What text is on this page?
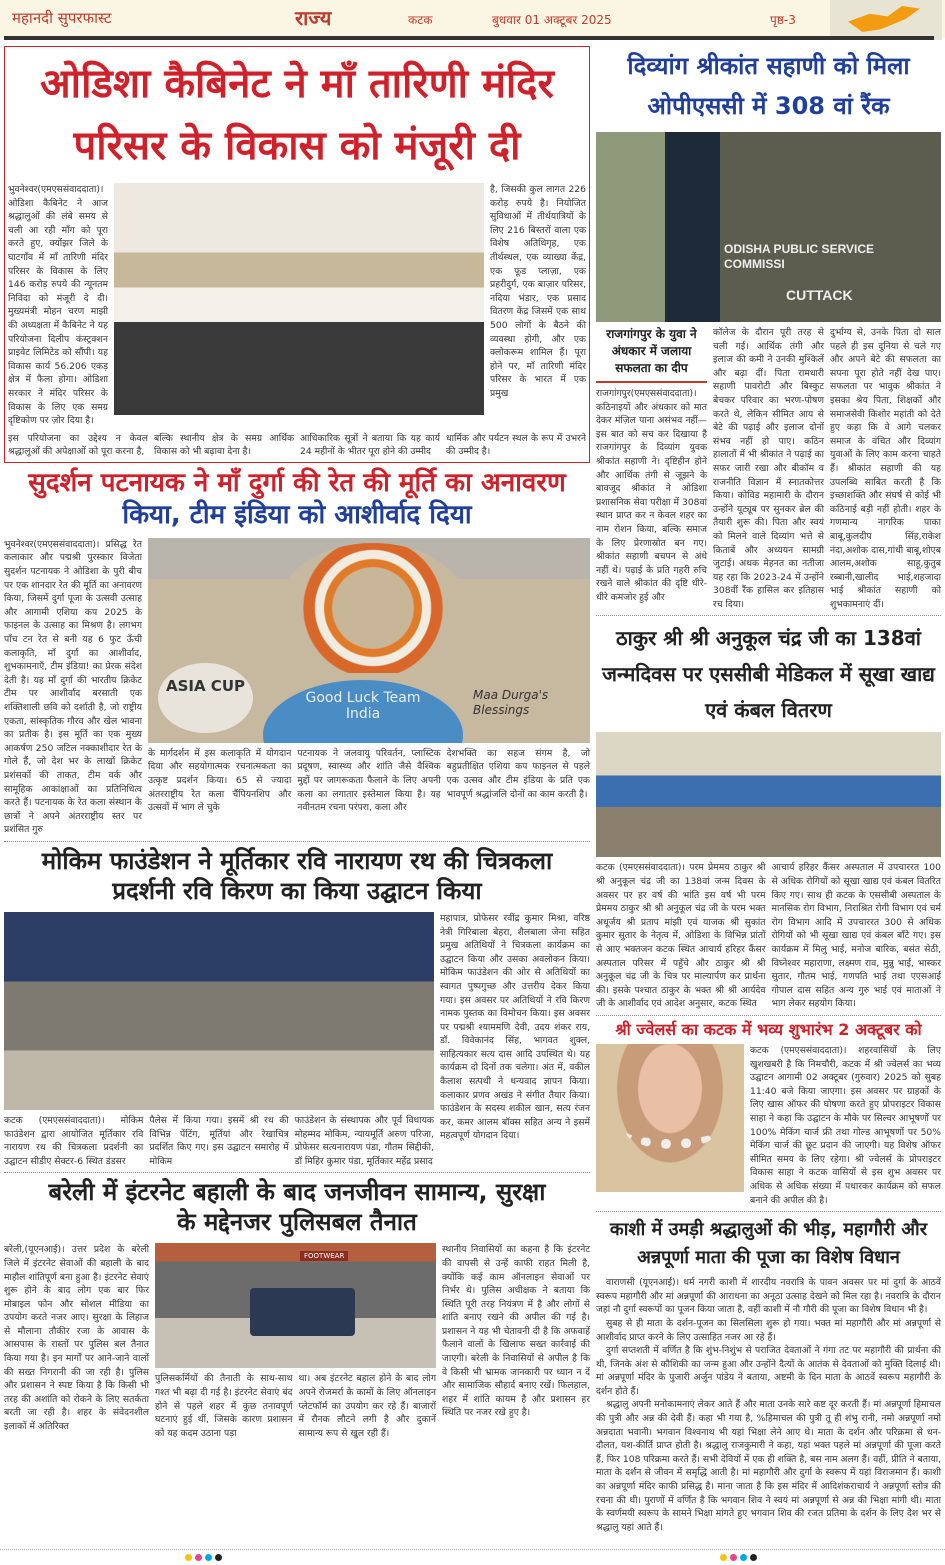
महानदी सुपरफास्ट	राज्य	कटक	बुधवार 01 अक्टूबर 2025	पृष्ठ-3
ओडिशा कैबिनेट ने माँ तारिणी मंदिर परिसर के विकास को मंजूरी दी
भुवनेश्वर(एमएससंवाददाता)। ओडिशा कैबिनेट ने आज श्रद्धालुओं की लंबे समय से चली आ रही माँग को पूरा करते हुए, क्योंझर जिले के घाटगाँव में माँ तारिणी मंदिर परिसर के विकास के लिए 146 करोड़ रुपये की न्यूनतम निविदा को मंजूरी दे दी। मुख्यमंत्री मोहन चरण माझी की अध्यक्षता में कैबिनेट ने यह परियोजना दिलीप कंस्ट्रक्शन प्राइवेट लिमिटेड को सौंपी। यह विकास कार्य 56.206 एकड़ क्षेत्र में फैला होगा। ओडिशा सरकार ने मंदिर परिसर के विकास के लिए एक समग्र दृष्टिकोण पर ज़ोर दिया है।
है, जिसकी कुल लागत 226 करोड़ रुपये है। नियोजित सुविधाओं में तीर्थयात्रियों के लिए 216 बिस्तरों वाला एक विशेष अतिथिगृह, एक तीर्थस्थल, एक व्याख्या केंद्र, एक फूड प्लाज़ा, एक प्रहरीदुर्ग, एक बाज़ार परिसर, नदिया भंडार, एक प्रसाद वितरण केंद्र जिसमें एक साथ 500 लोगों के बैठने की व्यवस्था होगी, और एक क्लोकरूम शामिल हैं। पूरा होने पर, माँ तारिणी मंदिर परिसर के भारत में एक प्रमुख
इस परियोजना का उद्देश्य न केवल श्रद्धालुओं की अपेक्षाओं को पूरा करना है,
बल्कि स्थानीय क्षेत्र के समग्र आर्थिक विकास को भी बढ़ावा देना है।
आधिकारिक सूत्रों ने बताया कि यह कार्य 24 महीनों के भीतर पूरा होने की उम्मीद
धार्मिक और पर्यटन स्थल के रूप में उभरने की उम्मीद है।
सुदर्शन पटनायक ने माँ दुर्गा की रेत की मूर्ति का अनावरण
किया, टीम इंडिया को आशीर्वाद दिया
भुवनेश्वर(एमएससंवाददाता)। प्रसिद्ध रेत कलाकार और पद्मश्री पुरस्कार विजेता सुदर्शन पटनायक ने ओडिशा के पुरी बीच पर एक शानदार रेत की मूर्ति का अनावरण किया, जिसमें दुर्गा पूजा के उत्सवी उत्साह और आगामी एशिया कप 2025 के फाइनल के उत्साह का मिश्रण है। लगभग पाँच टन रेत से बनी यह 6 फुट ऊँची कलाकृति, माँ दुर्गा का आशीर्वाद, शुभकामनाएँ, टीम इंडिया! का प्रेरक संदेश देती है। यह माँ दुर्गा की भारतीय क्रिकेट टीम पर आशीर्वाद बरसाती एक शक्तिशाली छवि को दर्शाती है, जो राष्ट्रीय एकता, सांस्कृतिक गौरव और खेल भावना का प्रतीक है। इस मूर्ति का एक मुख्य आकर्षण 250 जटिल नक्काशीदार रेत के गोले हैं, जो देश भर के लाखों क्रिकेट प्रशंसकों की ताकत, टीम वर्क और सामूहिक आकांक्षाओं का प्रतिनिधित्व करते हैं। पटनायक के रेत कला संस्थान के छात्रों ने अपने अंतरराष्ट्रीय स्तर पर प्रशंसित गुरु
ASIA CUP
Good Luck Team India
Maa Durga's Blessings
के मार्गदर्शन में इस कलाकृति में योगदान दिया और सहयोगात्मक रचनात्मकता का उत्कृष्ट प्रदर्शन किया। 65 से ज्यादा अंतरराष्ट्रीय रेत कला चैंपियनशिप और उत्सवों में भाग ले चुके
पटनायक ने जलवायु परिवर्तन, प्लास्टिक प्रदूषण, स्वास्थ्य और शांति जैसे वैश्विक मुद्दों पर जागरूकता फैलाने के लिए अपनी कला का लगातार इस्तेमाल किया है। यह नवीनतम रचना परंपरा, कला और
देशभक्ति का सहज संगम है, जो बहुप्रतीक्षित एशिया कप फाइनल से पहले एक उत्सव और टीम इंडिया के प्रति एक भावपूर्ण श्रद्धांजलि दोनों का काम करती है।
मोकिम फाउंडेशन ने मूर्तिकार रवि नारायण रथ की चित्रकला
प्रदर्शनी रवि किरण का किया उद्घाटन किया
कटक (एमएससंवाददाता)। मोकिम फाउंडेशन द्वारा आयोजित मूर्तिकार रवि नारायण रथ की चित्रकला प्रदर्शनी का उद्घाटन सीडीए सेक्टर-6 स्थित डंडसर
पैलेस में किया गया। इसमें श्री रथ की विभिन्न पेंटिंग, मूर्तियां और रेखाचित्र प्रदर्शित किए गए। इस उद्घाटन समारोह में मोकिम
फाउंडेशन के संस्थापक और पूर्व विधायक मोहम्मद मोकिम, न्यायमूर्ति अरुण परिजा, प्रोफेसर सत्यनारायण पंडा, गौतम सिद्दीकी, डॉ मिहिर कुमार पंडा, मूर्तिकार महेंद्र प्रसाद
महापात्र, प्रोफेसर रवींद्र कुमार मिश्रा, वरिष्ठ नेत्री गिरिबाला बेहरा, शैलबाला जेना सहित प्रमुख अतिथियों ने चित्रकला कार्यक्रम का उद्घाटन किया और उसका अवलोकन किया। मोकिम फाउंडेशन की ओर से अतिथियों का स्वागत पुष्पगुच्छ और उत्तरीय देकर किया गया। इस अवसर पर अतिथियों ने रवि किरण नामक पुस्तक का विमोचन किया। इस अवसर पर पद्मश्री श्याममणि देवी, उदय शंकर राय, डॉ. विवेकानंद सिंह, भागवत शुक्ल, साहित्यकार सत्य दास आदि उपस्थित थे। यह कार्यक्रम दो दिनों तक चलेगा। अंत में, वकील कैलाश सत्पथी ने धन्यवाद ज्ञापन किया। कलाकार प्रणव अखंड ने संगीत तैयार किया। फाउंडेशन के सदस्य शकील खान, सत्य रंजन कर, कमर आलम बॉक्स सहित अन्य ने इसमें महत्वपूर्ण योगदान दिया।
बरेली में इंटरनेट बहाली के बाद जनजीवन सामान्य, सुरक्षा
के मद्देनजर पुलिसबल तैनात
बरेली,(यूएनआई)। उत्तर प्रदेश के बरेली जिले में इंटरनेट सेवाओं की बहाली के बाद माहौल शांतिपूर्ण बना हुआ है। इंटरनेट सेवाएं शुरू होने के बाद लोग एक बार फिर मोबाइल फोन और सोशल मीडिया का उपयोग करते नजर आए। सुरक्षा के लिहाज से मौलाना तौकीर रजा के आवास के आसपास के रास्तों पर पुलिस बल तैनात किया गया है। इन मार्गों पर आने-जाने वालों की सख्त निगरानी की जा रही है। पुलिस और प्रशासन ने स्पष्ट किया है कि किसी भी तरह की अशांति को रोकने के लिए सतर्कता बरती जा रही है। शहर के संवेदनशील इलाकों में अतिरिक्त
FOOTWEAR
पुलिसकर्मियों की तैनाती के साथ-साथ गश्त भी बढ़ा दी गई है। इंटरनेट सेवाएं बंद होने से पहले शहर में कुछ तनावपूर्ण घटनाएं हुई थीं, जिसके कारण प्रशासन को यह कदम उठाना पड़ा
था। अब इंटरनेट बहाल होने के बाद लोग अपने रोजमर्रा के कामों के लिए ऑनलाइन प्लेटफॉर्म का उपयोग कर रहे हैं। बाजारों में रौनक लौटने लगी है और दुकानें सामान्य रूप से खुल रही हैं।
स्थानीय निवासियों का कहना है कि इंटरनेट की वापसी से उन्हें काफी राहत मिली है, क्योंकि कई काम ऑनलाइन सेवाओं पर निर्भर थे। पुलिस अधीक्षक ने बताया कि स्थिति पूरी तरह नियंत्रण में है और लोगों से शांति बनाए रखने की अपील की गई है। प्रशासन ने यह भी चेतावनी दी है कि अफवाहें फैलाने वालों के खिलाफ सख्त कार्रवाई की जाएगी। बरेली के निवासियों से अपील है कि वे किसी भी भ्रामक जानकारी पर ध्यान न दें और सामाजिक सौहार्द बनाए रखें। फिलहाल, शहर में शांति कायम है और प्रशासन हर स्थिति पर नजर रखे हुए है।
दिव्यांग श्रीकांत सहाणी को मिला ओपीएससी में 308 वां रैंक
ODISHA PUBLIC SERVICE COMMISSI
CUTTACK
राजगांगपुर के युवा ने अंधकार में जलाया सफलता का दीप
राजगांगपुर(एमएससंवाददाता)। कठिनाइयों और अंधकार को मात देकर मंज़िल पाना असंभव नहीं—इस बात को सच कर दिखाया है राजगांगपुर के दिव्यांग युवक श्रीकांत सहाणी ने। दृष्टिहीन होने और आर्थिक तंगी से जूझने के बावजूद श्रीकांत ने ओडिशा प्रशासनिक सेवा परीक्षा में 308वां स्थान प्राप्त कर न केवल शहर का नाम रोशन किया, बल्कि समाज के लिए प्रेरणास्रोत बन गए। श्रीकांत सहाणी बचपन से अंधे नहीं थे। पढ़ाई के प्रति गहरी रुचि रखने वाले श्रीकांत की दृष्टि धीरे-धीरे कमजोर हुई और
कॉलेज के दौरान पूरी तरह से चली गई। आर्थिक तंगी और इलाज की कमी ने उनकी मुश्किलें और बढ़ा दीं। पिता रामधारी सहाणी पावरोटी और बिस्कुट बेचकर परिवार का भरण-पोषण करते थे, लेकिन सीमित आय से बेटे की पढ़ाई और इलाज दोनों संभव नहीं हो पाए। कठिन हालातों में भी श्रीकांत ने पढ़ाई का सफर जारी रखा और बीकॉम व राजनीति विज्ञान में स्नातकोत्तर किया। कोविड महामारी के दौरान उन्होंने यूट्यूब पर सुनकर ब्रेल की तैयारी शुरू की। पिता और स्वयं को मिलने वाले दिव्यांग भत्ते से किताबें और अध्ययन सामग्री जुटाई। अथक मेहनत का नतीजा यह रहा कि 2023-24 में उन्होंने 308वीं रैंक हासिल कर इतिहास रच दिया।
दुर्भाग्य से, उनके पिता दो साल पहले ही इस दुनिया से चले गए और अपने बेटे की सफलता का सपना पूरा होते नहीं देख पाए। सफलता पर भावुक श्रीकांत ने इसका श्रेय पिता, शिक्षकों और समाजसेवी किशोर महांती को देते हुए कहा कि वे आगे चलकर समाज के वंचित और दिव्यांग युवाओं के लिए काम करना चाहते हैं। श्रीकांत सहाणी की यह उपलब्धि साबित करती है कि इच्छाशक्ति और संघर्ष से कोई भी कठिनाई बड़ी नहीं होती। शहर के गणमान्य नागरिक पाका बाबू,कुलदीप सिंह,राकेश नंदा,अशोक दास,गांधी बाबू,शोएब आलम,अशोक साहू,कुतुब रब्बानी,खालीद भाई,शहजादा भाई श्रीकांत सहाणी को शुभकामनाएं दीं।
ठाकुर श्री श्री अनुकूल चंद्र जी का 138वां जन्मदिवस पर एससीबी मेडिकल में सूखा खाद्य एवं कंबल वितरण
कटक (एमएससंवाददाता)। परम प्रेममय ठाकुर श्री श्री अनुकूल चंद्र जी का 138वां जन्म दिवस के अवसर पर हर वर्ष की भांति इस वर्ष भी परम प्रेममय ठाकुर श्री श्री अनुकूल चंद्र जी के परम भक्त अधूर्जय श्री प्रताप मांझी एवं याजक श्री सुकांत कुमार सुतार के नेतृत्व में, ओडिशा के विभिन्न प्रांतों से आए भक्तजन कटक स्थित आचार्य हरिहर कैंसर अस्पताल परिसर में पहुँचे और ठाकुर श्री श्री अनुकूल चंद्र जी के चित्र पर माल्यार्पण कर प्रार्थना की। इसके पश्चात ठाकुर के भक्त श्री श्री आर्यदेव जी के आशीर्वाद एवं आदेश अनुसार, कटक स्थित
आचार्य हरिहर कैंसर अस्पताल में उपचाररत 100 से अधिक रोगियों को सूखा खाद्य एवं कंबल वितरित किए गए। साथ ही कटक के एससीबी अस्पताल के मानसिक रोग विभाग, निराश्रित रोगी विभाग एवं चर्म रोग विभाग आदि में उपचाररत 300 से अधिक रोगियों को भी सूखा खाद्य एवं कंबल बाँटे गए। इस कार्यक्रम में मिलु भाई, मनोज बारिक, बसंत सेठी, विघ्नेश्वर महाराणा, लक्ष्मण राव, मुन्नु भाई, भास्कर सुतार, गौतम भाई, गणपति भाई तथा एएसआई गोपाल दास सहित अन्य गुरु भाई एवं माताओं ने भाग लेकर सहयोग किया।
श्री ज्वेलर्स का कटक में भव्य शुभारंभ 2 अक्टूबर को
कटक (एमएससंवाददाता)। शहरवासियों के लिए खुशखबरी है कि निमचौरी, कटक में श्री ज्वेलर्स का भव्य उद्घाटन आगामी 02 अक्टूबर (गुरुवार) 2025 को सुबह 11:40 बजे किया जाएगा। इस अवसर पर ग्राहकों के लिए खास ऑफर की घोषणा करते हुए प्रोपराइटर विकास साहा ने कहा कि उद्घाटन के मौके पर सिल्वर आभूषणों पर 100% मेकिंग चार्ज फ्री तथा गोल्ड आभूषणों पर 50% मेकिंग चार्ज की छूट प्रदान की जाएगी। यह विशेष ऑफर सीमित समय के लिए रहेगा। श्री ज्वेलर्स के प्रोपराइटर विकास साहा ने कटक वासियों से इस शुभ अवसर पर अधिक से अधिक संख्या में पधारकर कार्यक्रम को सफल बनाने की अपील की है।
काशी में उमड़ी श्रद्धालुओं की भीड़, महागौरी और अन्नपूर्णा माता की पूजा का विशेष विधान

वाराणसी (यूएनआई)। धर्म नगरी काशी में शारदीय नवरात्रि के पावन अवसर पर मां दुर्गा के आठवें स्वरूप महागौरी और मां अन्नपूर्णा की आराधना का अनूठा उत्साह देखने को मिल रहा है। नवरात्रि के दौरान जहां नौ दुर्गा स्वरूपों का पूजन किया जाता है, वहीं काशी में नौ गौरी की पूजा का विशेष विधान भी है।

सुबह से ही माता के दर्शन-पूजन का सिलसिला शुरू हो गया। भक्त मां महागौरी और मां अन्नपूर्णा से आशीर्वाद प्राप्त करने के लिए उत्साहित नजर आ रहे हैं।

दुर्गा सप्तशती में वर्णित है कि शुंभ-निशुंभ से पराजित देवताओं ने गंगा तट पर महागौरी की प्रार्थना की थी, जिनके अंश से कौशिकी का जन्म हुआ और उन्होंने दैत्यों के आतंक से देवताओं को मुक्ति दिलाई थी। मां अन्नपूर्णा मंदिर के पुजारी अर्जुन पांडेय ने बताया, अष्टमी के दिन माता के आठवें स्वरूप महागौरी के दर्शन होते हैं।

श्रद्धालु अपनी मनोकामनाएं लेकर आते हैं और माता उनके सारे कष्ट दूर करती हैं। मां अन्नपूर्णा हिमाचल की पुत्री और अन्न की देवी हैं। कहा भी गया है, %हिमाचल की पुत्री तू ही शंभु रानी, नमो अन्नपूर्णा नमो अन्नदाता भवानी। भगवान विश्वनाथ भी यहां भिक्षा लेने आए थे। माता के दर्शन और परिक्रमा से धन-दौलत, यश-कीर्ति प्राप्त होती है। श्रद्धालु राजकुमारी ने कहा, यहां भक्त पहले मां अन्नपूर्णा की पूजा करते हैं, फिर 108 परिक्रमा करते हैं। सभी देवियों में एक ही शक्ति है, बस नाम अलग हैं। वहीं, प्रीति ने बताया, माता के दर्शन से जीवन में समृद्धि आती है। मां महागौरी और दुर्गा के स्वरूप में यहां विराजमान हैं। काशी का अन्नपूर्णा मंदिर काफी प्रसिद्ध है। माना जाता है कि इस मंदिर में आदिशंकराचार्य ने अन्नपूर्णा स्तोत्र की रचना की थी। पुराणों में वर्णित है कि भगवान शिव ने स्वयं मां अन्नपूर्णा से अन्न की भिक्षा मांगी थी। माता के स्वर्णमयी स्वरूप के सामने भिक्षा मांगते हुए भगवान शिव की रजत प्रतिमा के दर्शन के लिए देश भर से श्रद्धालु यहां आते हैं।
